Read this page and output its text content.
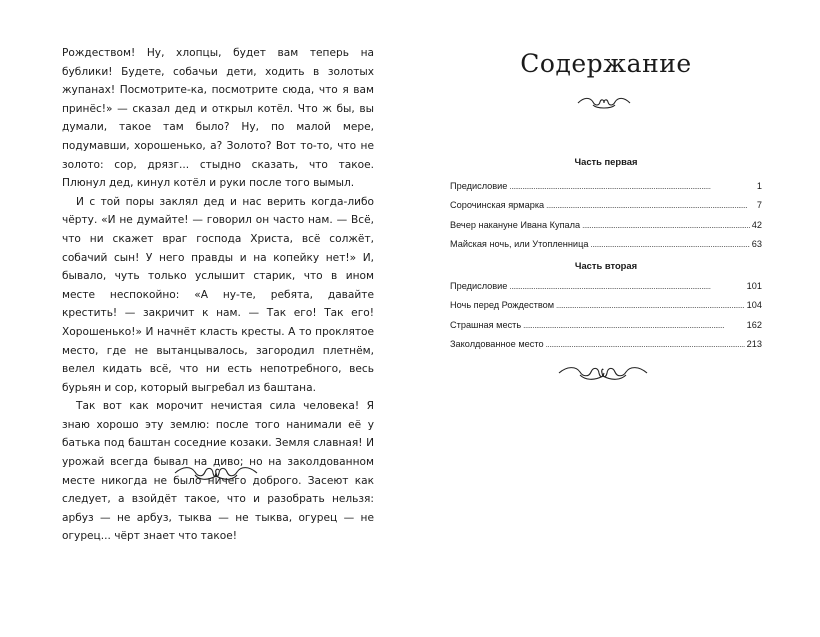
Рождеством! Ну, хлопцы, будет вам теперь на бублики! Будете, собачьи дети, ходить в золотых жупанах! Посмотрите-ка, посмотрите сюда, что я вам принёс!» — сказал дед и открыл котёл. Что ж бы, вы думали, такое там было? Ну, по малой мере, подумавши, хорошенько, а? Золото? Вот то-то, что не золото: сор, дрязг... стыдно сказать, что такое. Плюнул дед, кинул котёл и руки после того вымыл.

И с той поры заклял дед и нас верить когда-либо чёрту. «И не думайте! — говорил он часто нам. — Всё, что ни скажет враг господа Христа, всё солжёт, собачий сын! У него правды и на копейку нет!» И, бывало, чуть только услышит старик, что в ином месте неспокойно: «А ну-те, ребята, давайте крестить! — закричит к нам. — Так его! Так его! Хорошенько!» И начнёт класть кресты. А то проклятое место, где не вытанцывалось, загородил плетнём, велел кидать всё, что ни есть непотребного, весь бурьян и сор, который выгребал из баштана.

Так вот как морочит нечистая сила человека! Я знаю хорошо эту землю: после того нанимали её у батька под баштан соседние козаки. Земля славная! И урожай всегда бывал на диво; но на заколдованном месте никогда не было ничего доброго. Засеют как следует, а взойдёт такое, что и разобрать нельзя: арбуз — не арбуз, тыква — не тыква, огурец — не огурец... чёрт знает что такое!

Содержание
Часть первая
Предисловие . . .	1
Сорочинская ярмарка . . .	7
Вечер накануне Ивана Купала . . .	42
Майская ночь, или Утопленница . . .	63
Часть вторая
Предисловие . . .	101
Ночь перед Рождеством . . .	104
Страшная месть . . .	162
Заколдованное место . . .	213
